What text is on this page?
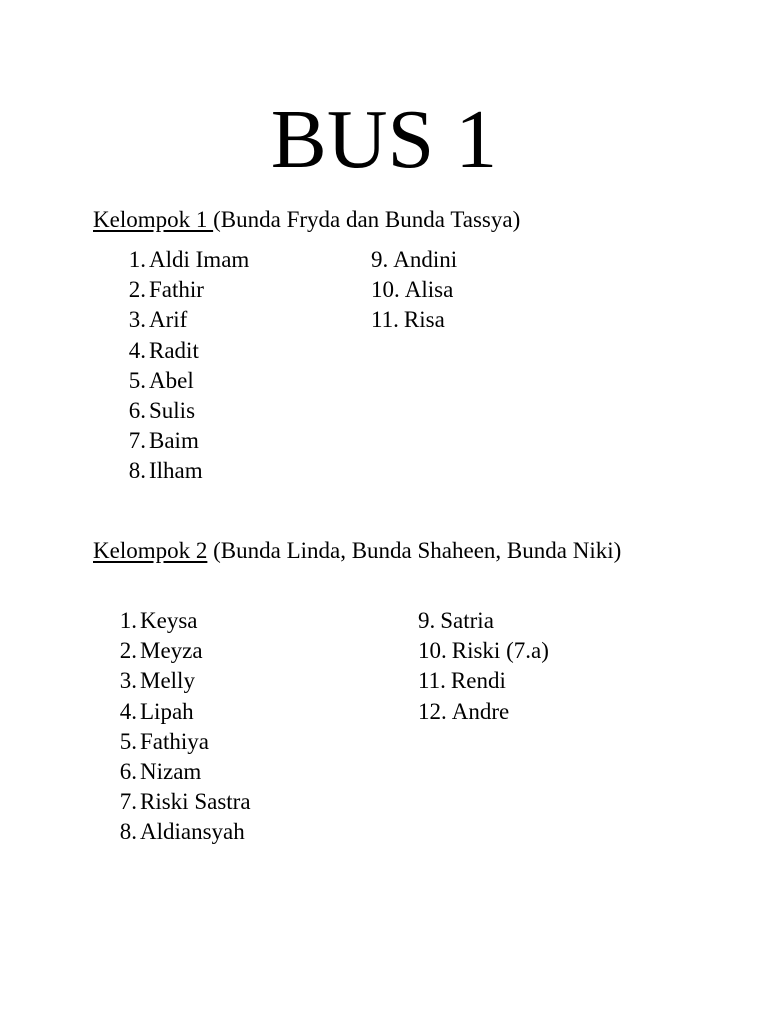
BUS 1

Kelompok 1 (Bunda Fryda dan Bunda Tassya)

1. Aldi Imam
2. Fathir
3. Arif
4. Radit
5. Abel
6. Sulis
7. Baim
8. Ilham
9. Andini
10. Alisa
11. Risa

Kelompok 2 (Bunda Linda, Bunda Shaheen, Bunda Niki)

1. Keysa
2. Meyza
3. Melly
4. Lipah
5. Fathiya
6. Nizam
7. Riski Sastra
8. Aldiansyah
9. Satria
10. Riski (7.a)
11. Rendi
12. Andre
